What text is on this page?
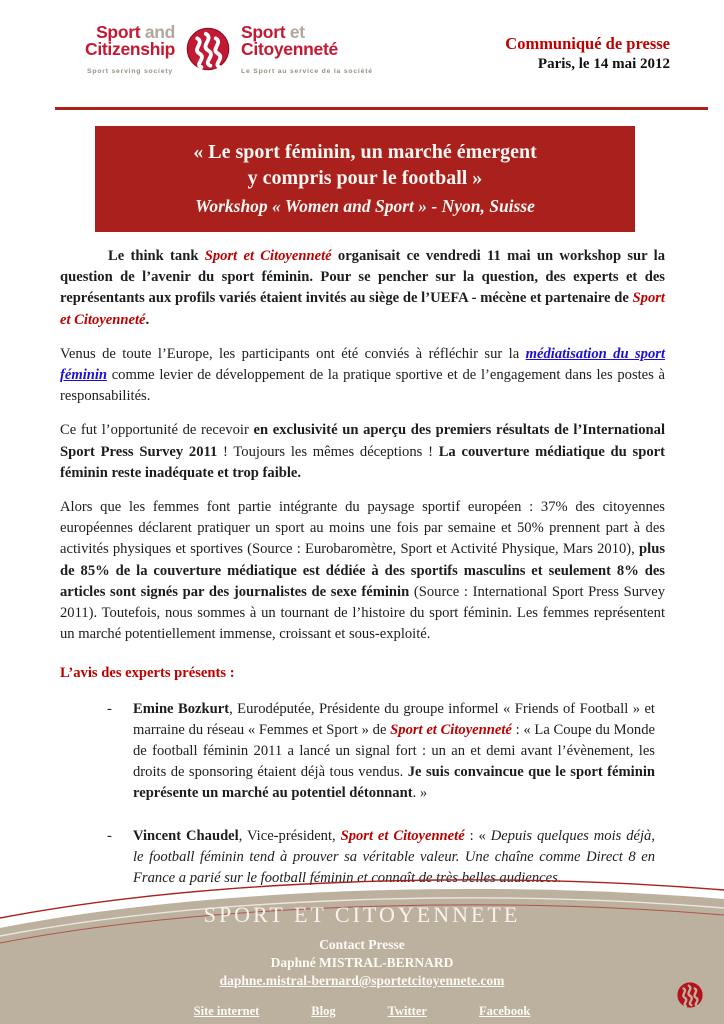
Sport and
Citizenship
Sport serving society
Sport et
Citoyenneté
Le Sport au service de la société
Communiqué de presse
Paris, le 14 mai 2012
« Le sport féminin, un marché émergent
y compris pour le football »
Workshop « Women and Sport » - Nyon, Suisse

Le think tank Sport et Citoyenneté organisait ce vendredi 11 mai un workshop sur la question de l’avenir du sport féminin. Pour se pencher sur la question, des experts et des représentants aux profils variés étaient invités au siège de l’UEFA - mécène et partenaire de Sport et Citoyenneté.

Venus de toute l’Europe, les participants ont été conviés à réfléchir sur la médiatisation du sport féminin comme levier de développement de la pratique sportive et de l’engagement dans les postes à responsabilités.

Ce fut l’opportunité de recevoir en exclusivité un aperçu des premiers résultats de l’International Sport Press Survey 2011 ! Toujours les mêmes déceptions ! La couverture médiatique du sport féminin reste inadéquate et trop faible.

Alors que les femmes font partie intégrante du paysage sportif européen : 37% des citoyennes européennes déclarent pratiquer un sport au moins une fois par semaine et 50% prennent part à des activités physiques et sportives (Source : Eurobaromètre, Sport et Activité Physique, Mars 2010), plus de 85% de la couverture médiatique est dédiée à des sportifs masculins et seulement 8% des articles sont signés par des journalistes de sexe féminin (Source : International Sport Press Survey 2011). Toutefois, nous sommes à un tournant de l’histoire du sport féminin. Les femmes représentent un marché potentiellement immense, croissant et sous-exploité.

L’avis des experts présents :
- Emine Bozkurt, Eurodéputée, Présidente du groupe informel « Friends of Football » et marraine du réseau « Femmes et Sport » de Sport et Citoyenneté : « La Coupe du Monde de football féminin 2011 a lancé un signal fort : un an et demi avant l’évènement, les droits de sponsoring étaient déjà tous vendus. Je suis convaincue que le sport féminin représente un marché au potentiel détonnant. »
- Vincent Chaudel, Vice-président, Sport et Citoyenneté : « Depuis quelques mois déjà, le football féminin tend à prouver sa véritable valeur. Une chaîne comme Direct 8 en France a parié sur le football féminin et connaît de très belles audiences.
SPORT ET CITOYENNETE
Contact Presse
Daphné MISTRAL-BERNARD
daphne.mistral-bernard@sportetcitoyennete.com
Site internet	Blog	Twitter	Facebook
